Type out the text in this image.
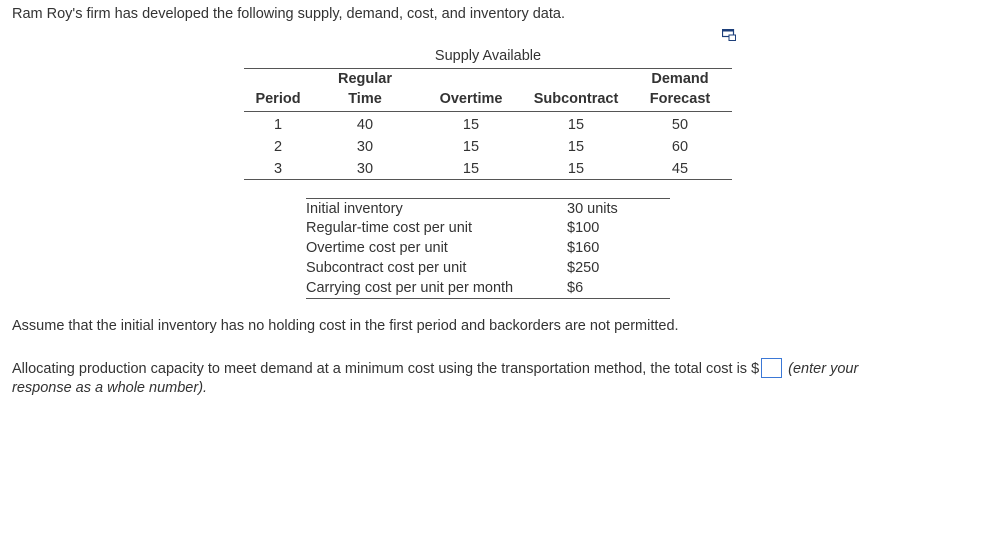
Ram Roy's firm has developed the following supply, demand, cost, and inventory data.
Supply Available
Regular	Demand
Period	Time	Overtime	Subcontract	Forecast
1	40	15	15	50
2	30	15	15	60
3	30	15	15	45
Initial inventory	30 units
Regular-time cost per unit	$100
Overtime cost per unit	$160
Subcontract cost per unit	$250
Carrying cost per unit per month	$6
Assume that the initial inventory has no holding cost in the first period and backorders are not permitted.
Allocating production capacity to meet demand at a minimum cost using the transportation method, the total cost is $ (enter your
response as a whole number).
